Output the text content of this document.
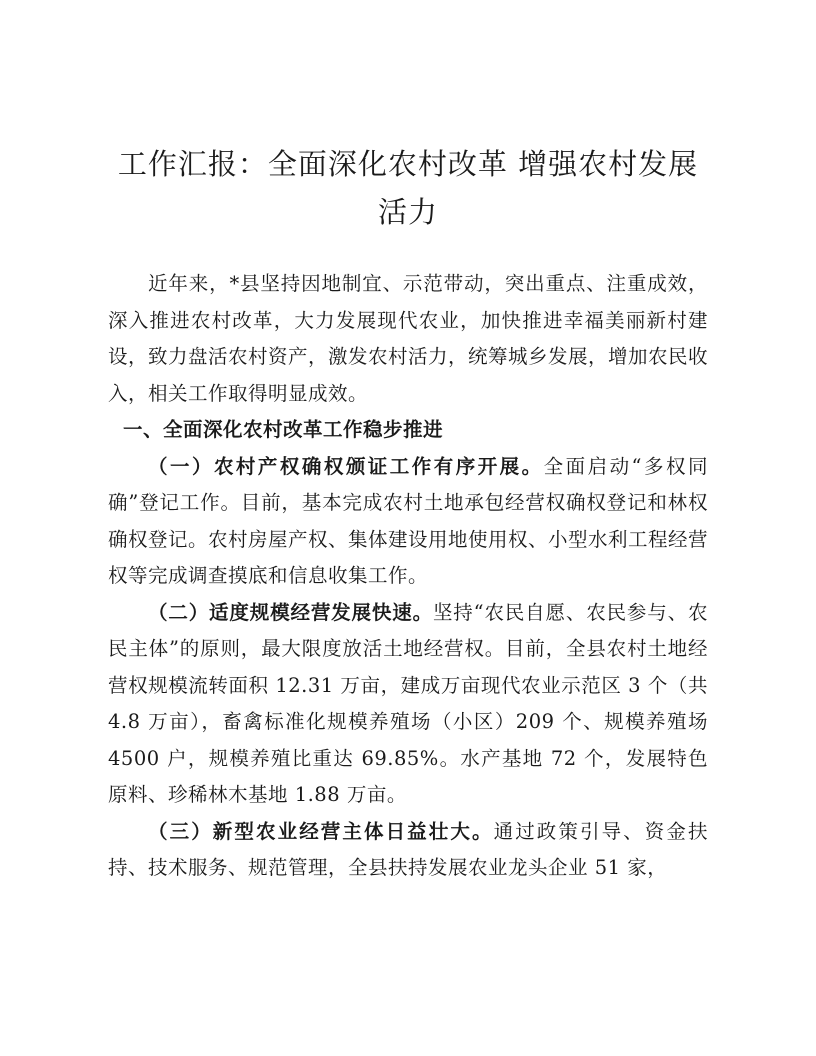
工作汇报：全面深化农村改革 增强农村发展活力

近年来，*县坚持因地制宜、示范带动，突出重点、注重成效，深入推进农村改革，大力发展现代农业，加快推进幸福美丽新村建设，致力盘活农村资产，激发农村活力，统筹城乡发展，增加农民收入，相关工作取得明显成效。

一、全面深化农村改革工作稳步推进

（一）农村产权确权颁证工作有序开展。全面启动“多权同确”登记工作。目前，基本完成农村土地承包经营权确权登记和林权确权登记。农村房屋产权、集体建设用地使用权、小型水利工程经营权等完成调查摸底和信息收集工作。

（二）适度规模经营发展快速。坚持“农民自愿、农民参与、农民主体”的原则，最大限度放活土地经营权。目前，全县农村土地经营权规模流转面积 12.31 万亩，建成万亩现代农业示范区 3 个（共 4.8 万亩），畜禽标准化规模养殖场（小区）209 个、规模养殖场 4500 户，规模养殖比重达 69.85%。水产基地 72 个，发展特色原料、珍稀林木基地 1.88 万亩。

（三）新型农业经营主体日益壮大。通过政策引导、资金扶持、技术服务、规范管理，全县扶持发展农业龙头企业 51 家，
